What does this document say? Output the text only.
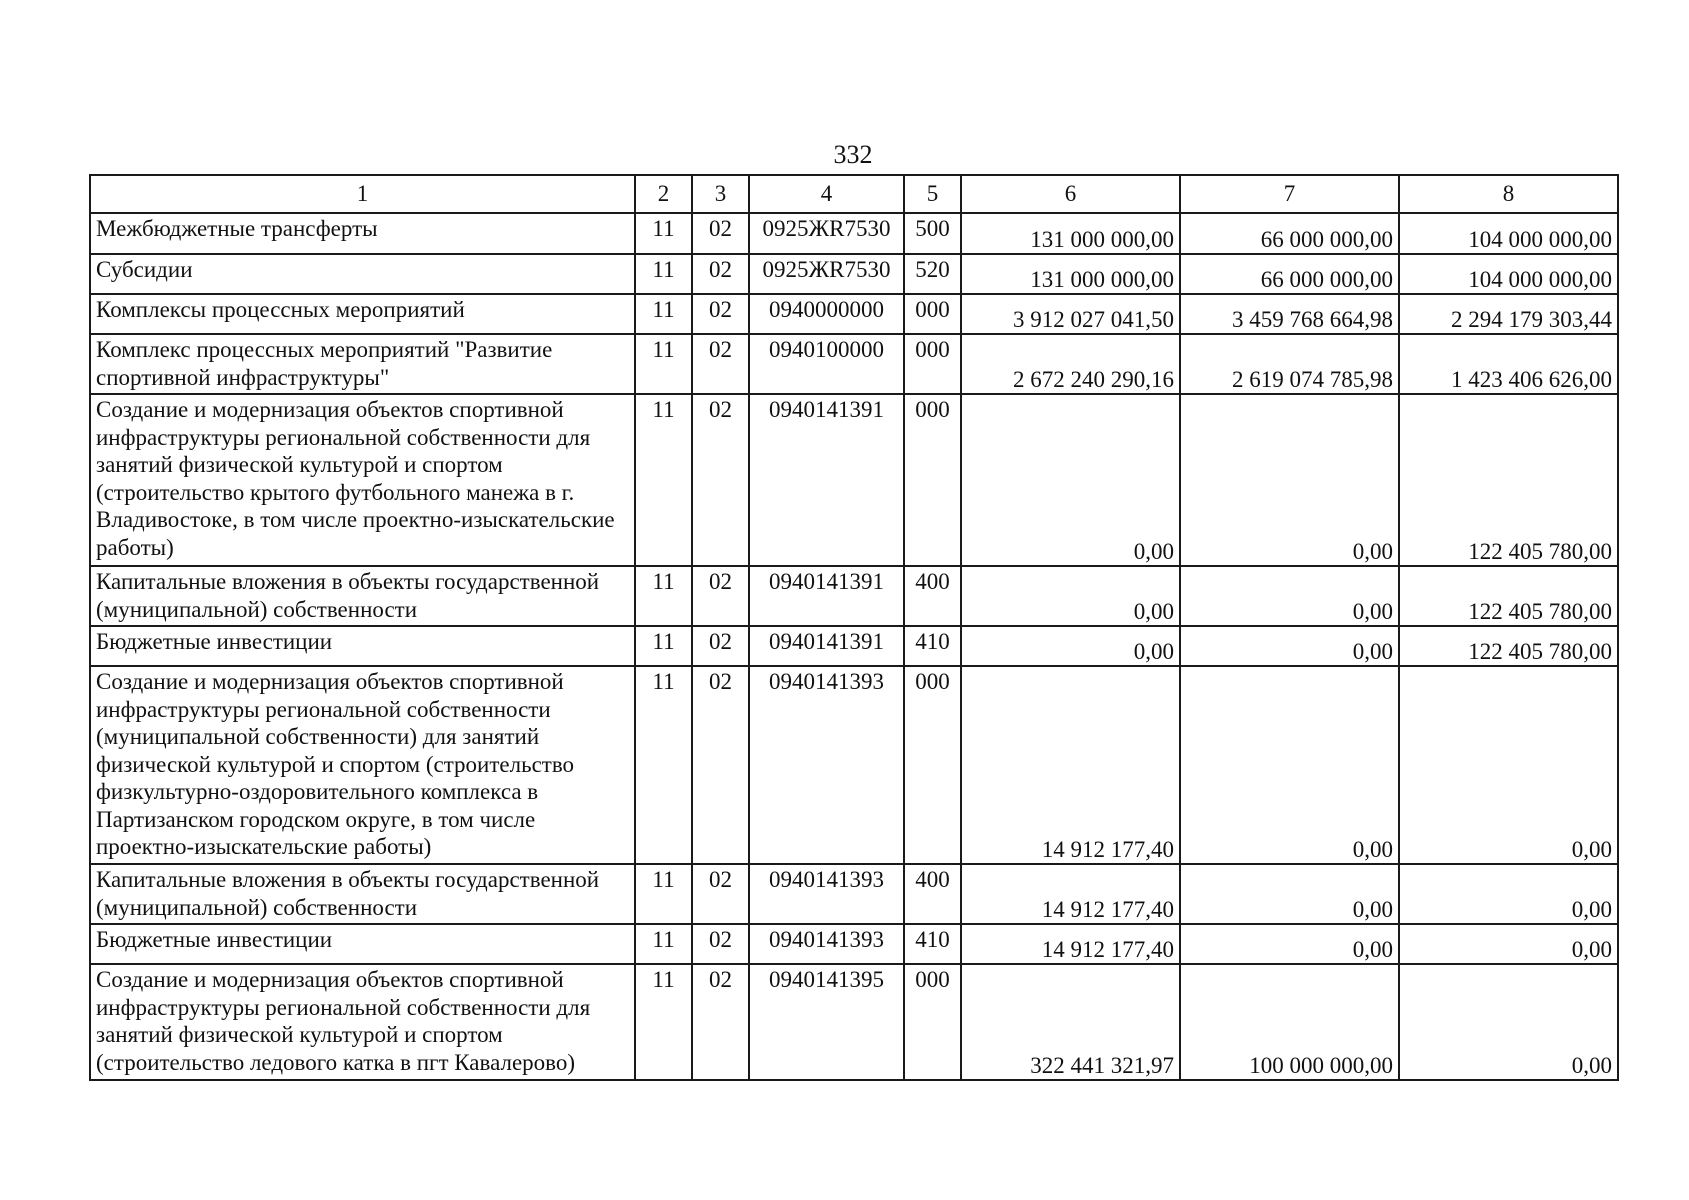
332
1	2	3	4	5	6	7	8
Межбюджетные трансферты	11	02	0925ЖR7530	500	131 000 000,00	66 000 000,00	104 000 000,00
Субсидии	11	02	0925ЖR7530	520	131 000 000,00	66 000 000,00	104 000 000,00
Комплексы процессных мероприятий	11	02	0940000000	000	3 912 027 041,50	3 459 768 664,98	2 294 179 303,44
Комплекс процессных мероприятий "Развитие спортивной инфраструктуры"	11	02	0940100000	000	2 672 240 290,16	2 619 074 785,98	1 423 406 626,00
Создание и модернизация объектов спортивной инфраструктуры региональной собственности для занятий физической культурой и спортом (строительство крытого футбольного манежа в г. Владивостоке, в том числе проектно-изыскательские работы)	11	02	0940141391	000	0,00	0,00	122 405 780,00
Капитальные вложения в объекты государственной (муниципальной) собственности	11	02	0940141391	400	0,00	0,00	122 405 780,00
Бюджетные инвестиции	11	02	0940141391	410	0,00	0,00	122 405 780,00
Создание и модернизация объектов спортивной инфраструктуры региональной собственности (муниципальной собственности) для занятий физической культурой и спортом (строительство физкультурно-оздоровительного комплекса в Партизанском городском округе, в том числе проектно-изыскательские работы)	11	02	0940141393	000	14 912 177,40	0,00	0,00
Капитальные вложения в объекты государственной (муниципальной) собственности	11	02	0940141393	400	14 912 177,40	0,00	0,00
Бюджетные инвестиции	11	02	0940141393	410	14 912 177,40	0,00	0,00
Создание и модернизация объектов спортивной инфраструктуры региональной собственности для занятий физической культурой и спортом (строительство ледового катка в пгт Кавалерово)	11	02	0940141395	000	322 441 321,97	100 000 000,00	0,00
